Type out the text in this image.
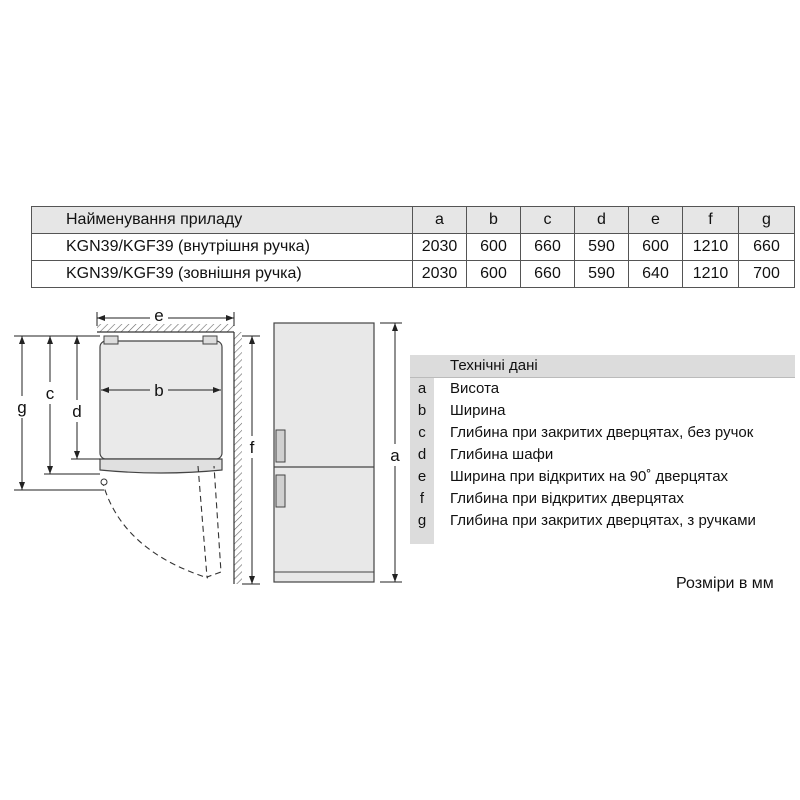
Найменування приладу	a	b	c	d	e	f	g
KGN39/KGF39 (внутрішня ручка)	2030	600	660	590	600	1210	660
KGN39/KGF39 (зовнішня ручка)	2030	600	660	590	640	1210	700
e
b
g
c
d
f	a
Технічні дані
a	Висота
b	Ширина
c	Глибина при закритих дверцятах, без ручок
d	Глибина шафи
e	Ширина при відкритих на 90˚ дверцятах
f	Глибина при відкритих дверцятах
g	Глибина при закритих дверцятах, з ручками
Розміри в мм
